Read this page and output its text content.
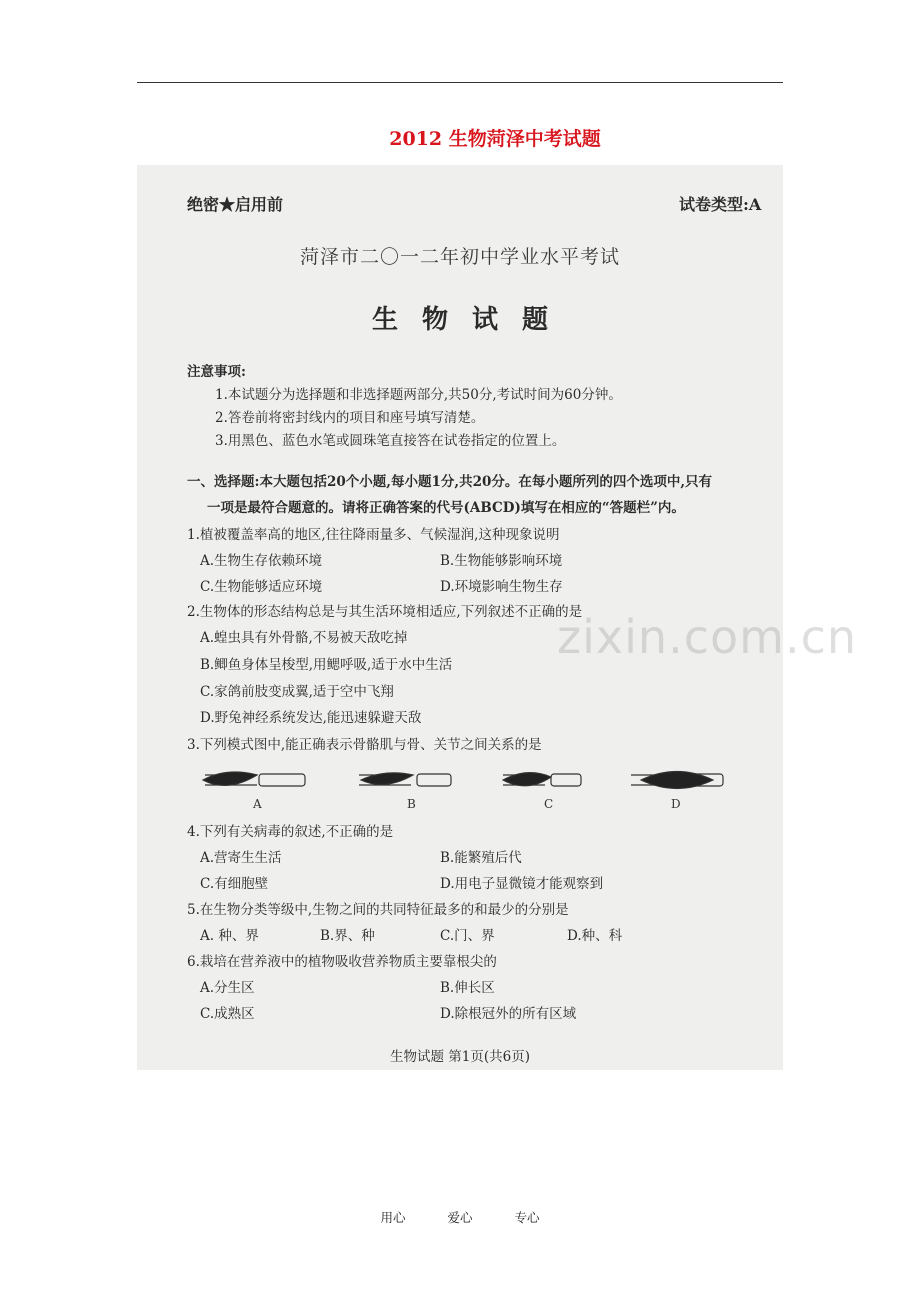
2012 生物菏泽中考试题
zixin.com.cn
绝密★启用前	试卷类型:A
菏泽市二〇一二年初中学业水平考试
生物试题
注意事项:
1.本试题分为选择题和非选择题两部分,共50分,考试时间为60分钟。
2.答卷前将密封线内的项目和座号填写清楚。
3.用黑色、蓝色水笔或圆珠笔直接答在试卷指定的位置上。
一、选择题:本大题包括20个小题,每小题1分,共20分。在每小题所列的四个选项中,只有
一项是最符合题意的。请将正确答案的代号(ABCD)填写在相应的“答题栏”内。
1.植被覆盖率高的地区,往往降雨量多、气候湿润,这种现象说明
A.生物生存依赖环境	B.生物能够影响环境
C.生物能够适应环境	D.环境影响生物生存
2.生物体的形态结构总是与其生活环境相适应,下列叙述不正确的是
A.蝗虫具有外骨骼,不易被天敌吃掉
B.鲫鱼身体呈梭型,用鳃呼吸,适于水中生活
C.家鸽前肢变成翼,适于空中飞翔
D.野兔神经系统发达,能迅速躲避天敌
3.下列模式图中,能正确表示骨骼肌与骨、关节之间关系的是
A	B	C	D
4.下列有关病毒的叙述,不正确的是
A.营寄生生活	B.能繁殖后代
C.有细胞壁	D.用电子显微镜才能观察到
5.在生物分类等级中,生物之间的共同特征最多的和最少的分别是
A. 种、界	B.界、种	C.门、界	D.种、科
6.栽培在营养液中的植物吸收营养物质主要靠根尖的
A.分生区	B.伸长区
C.成熟区	D.除根冠外的所有区域
生物试题 第1页(共6页)
用心	爱心	专心
